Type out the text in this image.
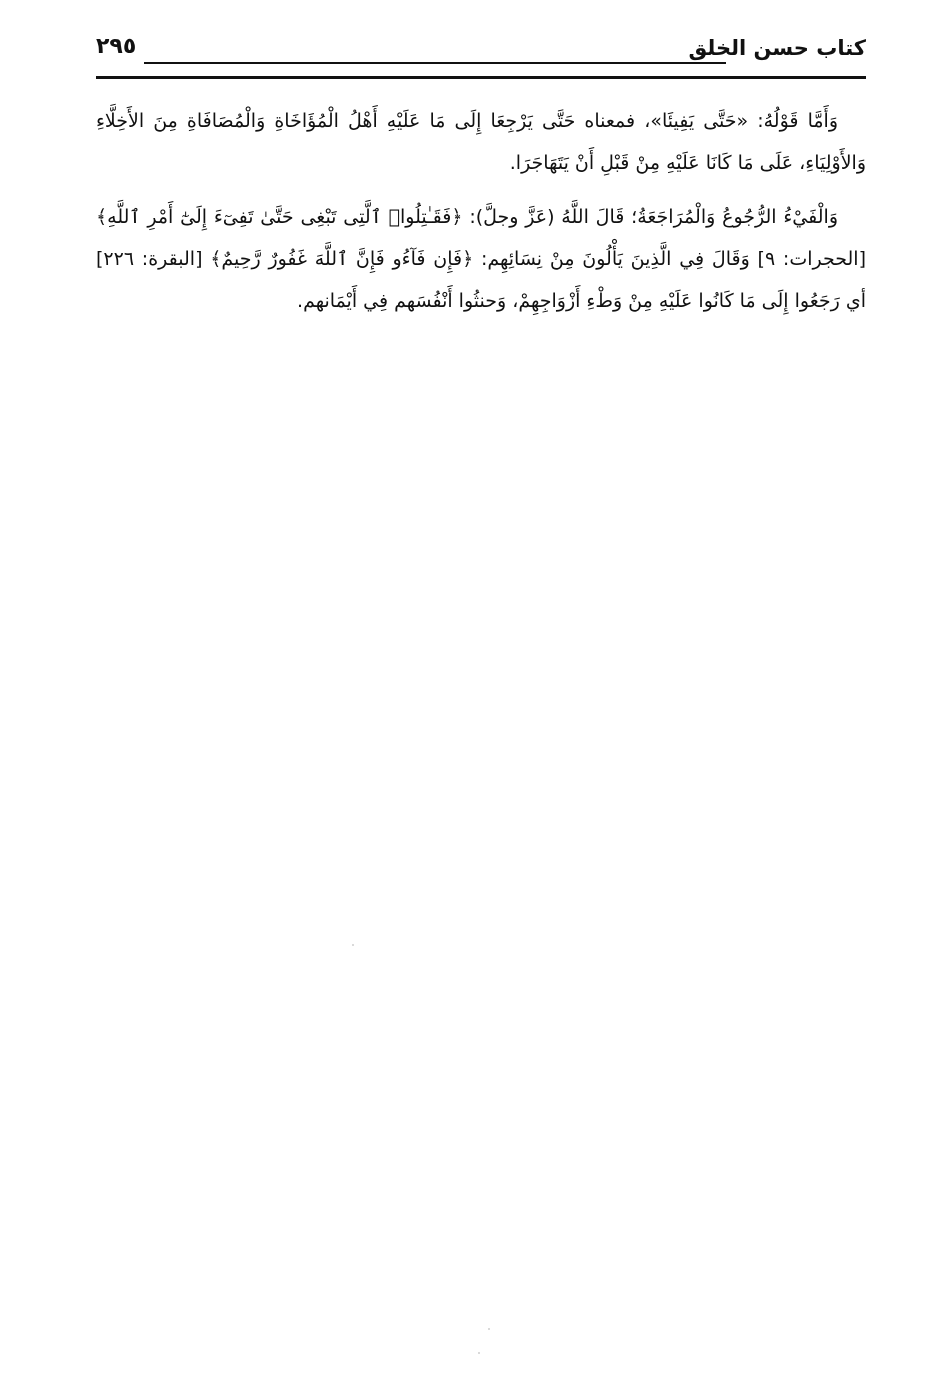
كتاب حسن الخلق
٢٩٥

وَأَمَّا قَوْلُهُ: «حَتَّى يَفِيئَا»، فمعناه حَتَّى يَرْجِعَا إِلَى مَا عَلَيْهِ أَهْلُ الْمُؤَاخَاةِ وَالْمُصَافَاةِ مِنَ الأَخِلَّاءِ وَالأَوْلِيَاءِ، عَلَى مَا كَانَا عَلَيْهِ مِنْ قَبْلِ أَنْ يَتَهَاجَرَا.

وَالْفَيْءُ الرُّجُوعُ وَالْمُرَاجَعَةُ؛ قَالَ اللَّهُ (عَزَّ وجلَّ): ﴿فَقَـٰتِلُوا۟ ٱلَّتِى تَبْغِى حَتَّىٰ تَفِىٓءَ إِلَىٰٓ أَمْرِ ٱللَّهِ﴾ [الحجرات: ٩] وَقَالَ فِي الَّذِينَ يَأْلُونَ مِنْ نِسَائِهِم: ﴿فَإِن فَآءُو فَإِنَّ ٱللَّهَ غَفُورٌ رَّحِيمٌ﴾ [البقرة: ٢٢٦] أي رَجَعُوا إِلَى مَا كَانُوا عَلَيْهِ مِنْ وَطْءِ أَزْوَاجِهِمْ، وَحنثُوا أَنْفُسَهم فِي أَيْمَانهم.
